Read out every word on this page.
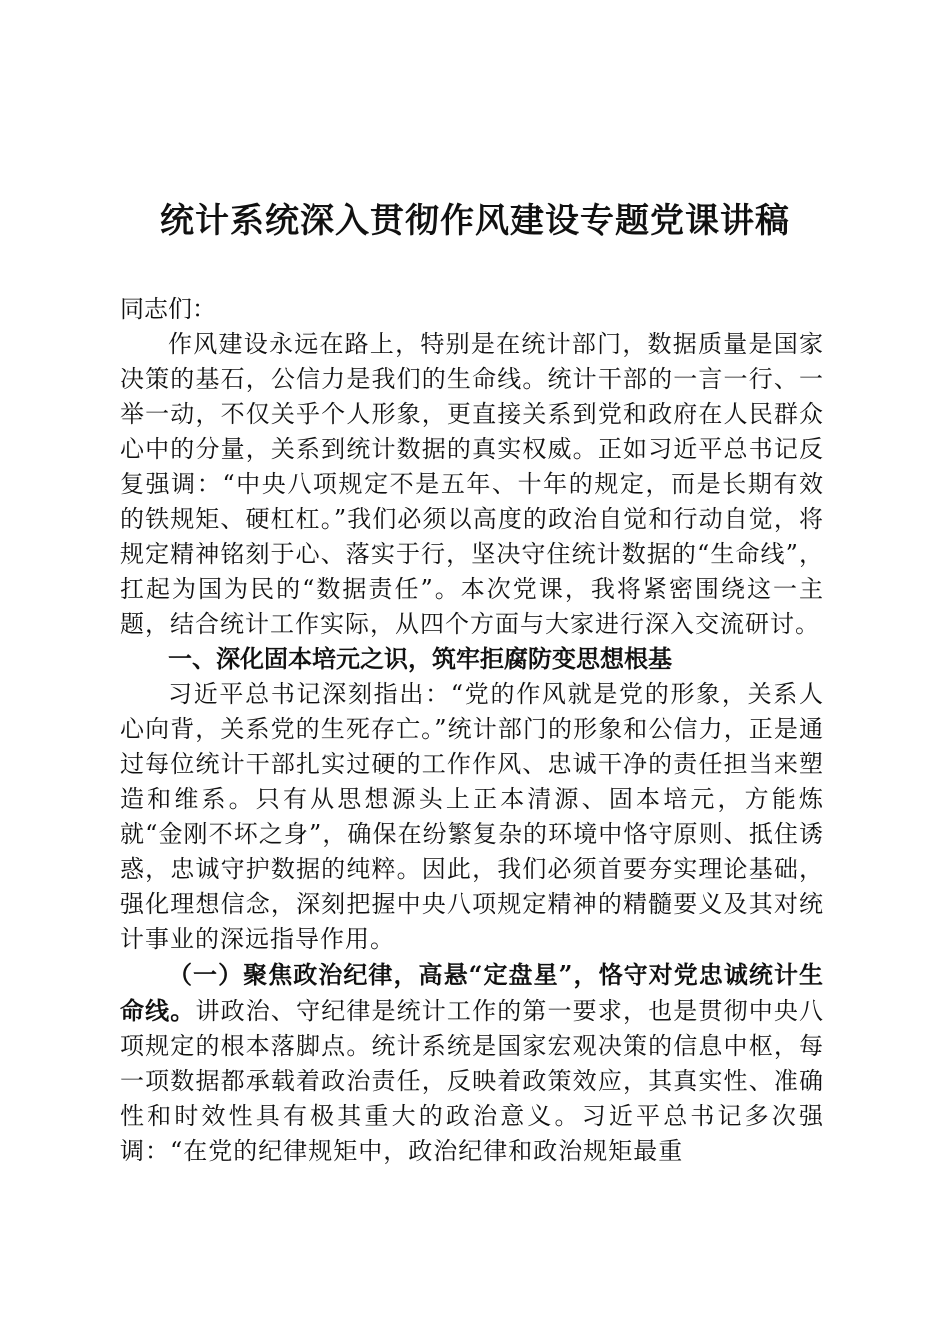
统计系统深入贯彻作风建设专题党课讲稿

同志们：

作风建设永远在路上，特别是在统计部门，数据质量是国家决策的基石，公信力是我们的生命线。统计干部的一言一行、一举一动，不仅关乎个人形象，更直接关系到党和政府在人民群众心中的分量，关系到统计数据的真实权威。正如习近平总书记反复强调：“中央八项规定不是五年、十年的规定，而是长期有效的铁规矩、硬杠杠。”我们必须以高度的政治自觉和行动自觉，将规定精神铭刻于心、落实于行，坚决守住统计数据的“生命线”，扛起为国为民的“数据责任”。本次党课，我将紧密围绕这一主题，结合统计工作实际，从四个方面与大家进行深入交流研讨。

一、深化固本培元之识，筑牢拒腐防变思想根基

习近平总书记深刻指出：“党的作风就是党的形象，关系人心向背，关系党的生死存亡。”统计部门的形象和公信力，正是通过每位统计干部扎实过硬的工作作风、忠诚干净的责任担当来塑造和维系。只有从思想源头上正本清源、固本培元，方能炼就“金刚不坏之身”，确保在纷繁复杂的环境中恪守原则、抵住诱惑，忠诚守护数据的纯粹。因此，我们必须首要夯实理论基础，强化理想信念，深刻把握中央八项规定精神的精髓要义及其对统计事业的深远指导作用。

（一）聚焦政治纪律，高悬“定盘星”，恪守对党忠诚统计生命线。讲政治、守纪律是统计工作的第一要求，也是贯彻中央八项规定的根本落脚点。统计系统是国家宏观决策的信息中枢，每一项数据都承载着政治责任，反映着政策效应，其真实性、准确性和时效性具有极其重大的政治意义。习近平总书记多次强调：“在党的纪律规矩中，政治纪律和政治规矩最重
